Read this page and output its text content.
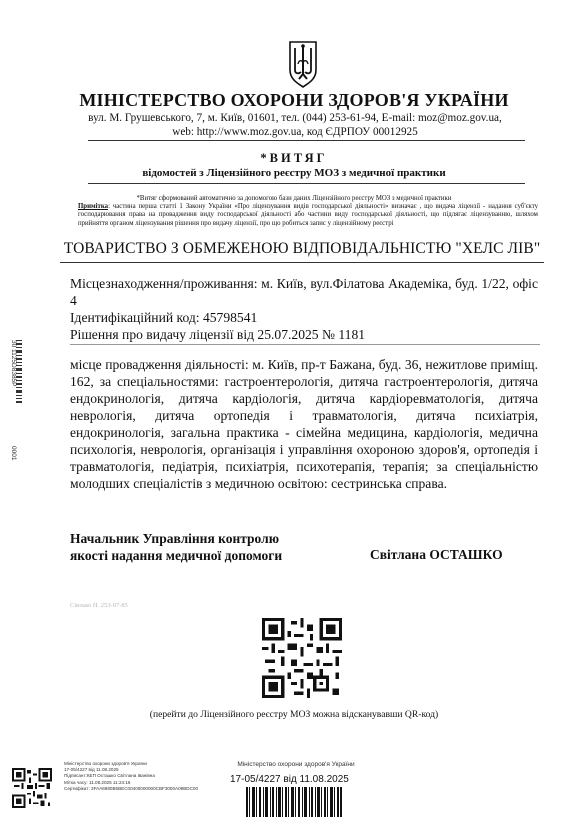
МІНІСТЕРСТВО ОХОРОНИ ЗДОРОВ'Я УКРАЇНИ
вул. М. Грушевського, 7, м. Київ, 01601, тел. (044) 253-61-94, E-mail: moz@moz.gov.ua,
web: http://www.moz.gov.ua, код ЄДРПОУ 00012925
*ВИТЯГ
відомостей з Ліцензійного реєстру МОЗ з медичної практики
*Витяг сформований автоматично за допомогою бази даних Ліцензійного реєстру МОЗ з медичної практики
Примітка: частина перша статті 1 Закону України «Про ліцензування видів господарської діяльності» визначає , що видача ліцензії - надання суб'єкту господарювання права на провадження виду господарської діяльності або частини виду господарської діяльності, що підлягає ліцензуванню, шляхом прийняття органом ліцензування рішення про видачу ліцензії, про що робиться запис у ліцензійному реєстрі
ТОВАРИСТВО З ОБМЕЖЕНОЮ ВІДПОВІДАЛЬНІСТЮ "ХЕЛС ЛІВ"
Місцезнаходження/проживання: м. Київ, вул.Філатова Академіка, буд. 1/22, офіс 4
Ідентифікаційний код: 45798541
Рішення про видачу ліцензії від 25.07.2025 № 1181
місце провадження діяльності: м. Київ, пр-т Бажана, буд. 36, нежитлове приміщ. 162, за спеціальностями: гастроентерологія, дитяча гастроентерологія, дитяча ендокринологія, дитяча кардіологія, дитяча кардіоревматологія, дитяча неврологія, дитяча ортопедія і травматологія, дитяча психіатрія, ендокринологія, загальна практика - сімейна медицина, кардіологія, медична психологія, неврологія, організація і управління охороною здоров'я, ортопедія і травматологія, педіатрія, психіатрія, психотерапія, терапія; за спеціальністю молодших спеціалістів з медичною освітою: сестринська справа.
Начальник Управління контролю
якості надання медичної допомоги	Світлана ОСТАШКО
Сінзько Н. 253-07-85
(перейти до Ліцензійного реєстру МОЗ можна відсканувавши QR-код)
30 1125D8385P
0001
Міністерство охорони здоров'я України
17-05/4227 від 11.08.2025
Підписант:КЕП Осташко Світлана Іванівна
Мітка часу: 11.08.2025 11:24:16
Сертифікат: 3FAA6980B5BEC00400000000CBF3000A09BDC00
Міністерство охорони здоров'я України
17-05/4227 від 11.08.2025
